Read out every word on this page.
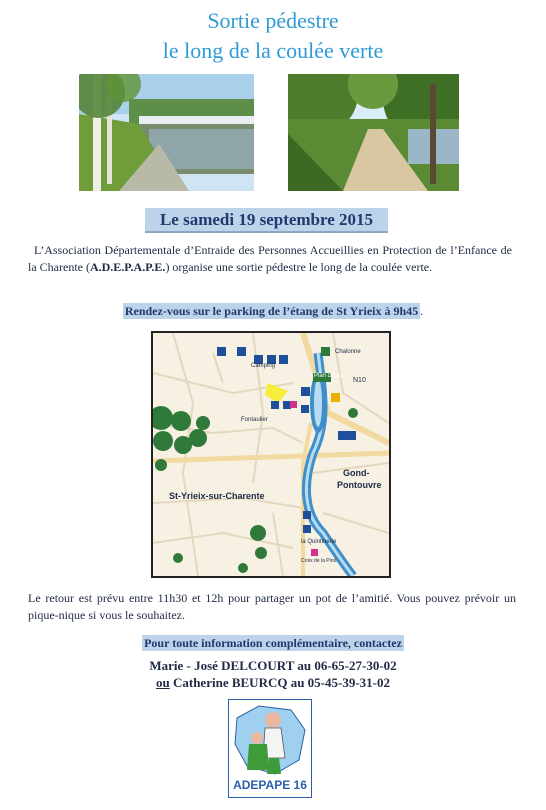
Sortie pédestre
le long de la coulée verte
Le samedi 19 septembre 2015
L’Association Départementale d’Entraide des Personnes Accueillies en Protection de l’Enfance de la Charente (A.D.E.P.A.P.E.) organise une sortie pédestre le long de la coulée verte.
Rendez-vous sur le parking de l’étang de St Yrieix à 9h45 .
Camping
Plan d'Eau
Chalonne
Fontaulier
N10
St-Yrieix-sur-Charente
Gond-
Pontouvre
la Quintinerie
Croix de la Pirot
Le retour est prévu entre 11h30 et 12h pour partager un pot de l’amitié. Vous pouvez prévoir un pique-nique si vous le souhaitez.
Pour toute information complémentaire, contactez
Marie - José DELCOURT au 06-65-27-30-02
ou Catherine BEURCQ au 05-45-39-31-02
ADEPAPE 16
